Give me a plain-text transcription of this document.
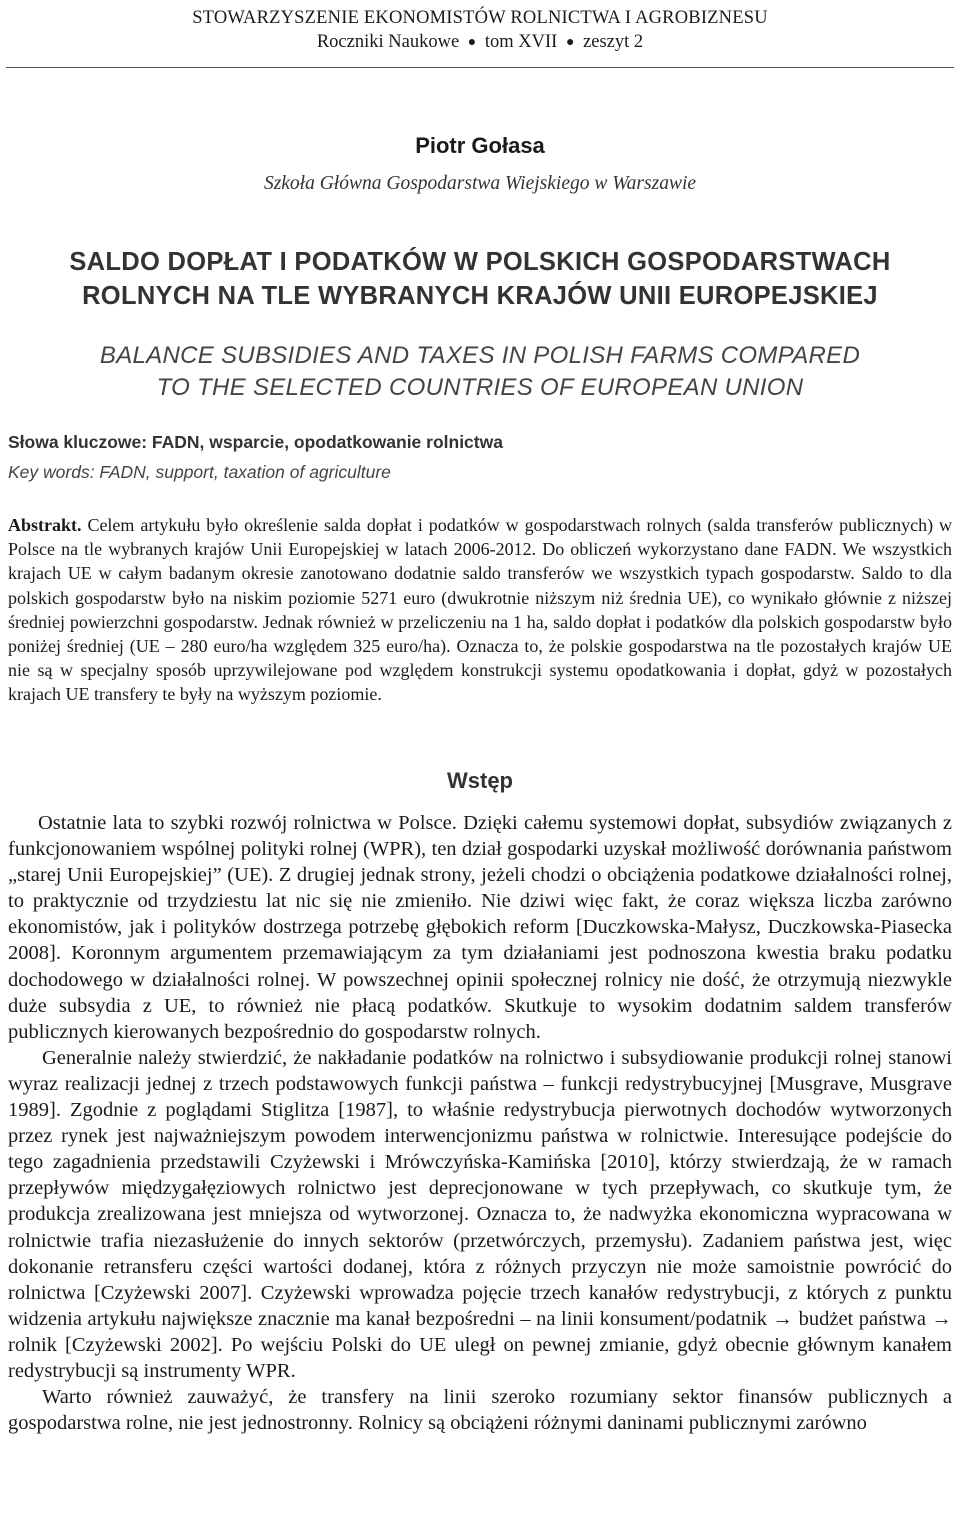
STOWARZYSZENIE EKONOMISTÓW ROLNICTWA I AGROBIZNESU
Roczniki Naukowe ● tom XVII ● zeszyt 2
Piotr Gołasa
Szkoła Główna Gospodarstwa Wiejskiego w Warszawie
SALDO DOPŁAT I PODATKÓW W POLSKICH GOSPODARSTWACH
ROLNYCH NA TLE WYBRANYCH KRAJÓW UNII EUROPEJSKIEJ
BALANCE SUBSIDIES AND TAXES IN POLISH FARMS COMPARED
TO THE SELECTED COUNTRIES OF EUROPEAN UNION
Słowa kluczowe: FADN, wsparcie, opodatkowanie rolnictwa
Key words: FADN, support, taxation of agriculture
Abstrakt. Celem artykułu było określenie salda dopłat i podatków w gospodarstwach rolnych (salda transferów publicznych) w Polsce na tle wybranych krajów Unii Europejskiej w latach 2006-2012. Do obliczeń wykorzystano dane FADN. We wszystkich krajach UE w całym badanym okresie zanotowano dodatnie saldo transferów we wszystkich typach gospodarstw. Saldo to dla polskich gospodarstw było na niskim poziomie 5271 euro (dwukrotnie niższym niż średnia UE), co wynikało głównie z niższej średniej powierzchni gospodarstw. Jednak również w przeliczeniu na 1 ha, saldo dopłat i podatków dla polskich gospodarstw było poniżej średniej (UE – 280 euro/ha względem 325 euro/ha). Oznacza to, że polskie gospodarstwa na tle pozostałych krajów UE nie są w specjalny sposób uprzywilejowane pod względem konstrukcji systemu opodatkowania i dopłat, gdyż w pozostałych krajach UE transfery te były na wyższym poziomie.
Wstęp

Ostatnie lata to szybki rozwój rolnictwa w Polsce. Dzięki całemu systemowi dopłat, subsydiów związanych z funkcjonowaniem wspólnej polityki rolnej (WPR), ten dział gospodarki uzyskał możliwość dorównania państwom „starej Unii Europejskiej” (UE). Z drugiej jednak strony, jeżeli chodzi o obciążenia podatkowe działalności rolnej, to praktycznie od trzydziestu lat nic się nie zmieniło. Nie dziwi więc fakt, że coraz większa liczba zarówno ekonomistów, jak i polityków dostrzega potrzebę głębokich reform [Duczkowska-Małysz, Duczkowska-Piasecka 2008]. Koronnym argumentem przemawiającym za tym działaniami jest podnoszona kwestia braku podatku dochodowego w działalności rolnej. W powszechnej opinii społecznej rolnicy nie dość, że otrzymują niezwykle duże subsydia z UE, to również nie płacą podatków. Skutkuje to wysokim dodatnim saldem transferów publicznych kierowanych bezpośrednio do gospodarstw rolnych.

Generalnie należy stwierdzić, że nakładanie podatków na rolnictwo i subsydiowanie produkcji rolnej stanowi wyraz realizacji jednej z trzech podstawowych funkcji państwa – funkcji redystrybucyjnej [Musgrave, Musgrave 1989]. Zgodnie z poglądami Stiglitza [1987], to właśnie redystrybucja pierwotnych dochodów wytworzonych przez rynek jest najważniejszym powodem interwencjonizmu państwa w rolnictwie. Interesujące podejście do tego zagadnienia przedstawili Czyżewski i Mrówczyńska-Kamińska [2010], którzy stwierdzają, że w ramach przepływów międzygałęziowych rolnictwo jest deprecjonowane w tych przepływach, co skutkuje tym, że produkcja zrealizowana jest mniejsza od wytworzonej. Oznacza to, że nadwyżka ekonomiczna wypracowana w rolnictwie trafia niezasłużenie do innych sektorów (przetwórczych, przemysłu). Zadaniem państwa jest, więc dokonanie retransferu części wartości dodanej, która z różnych przyczyn nie może samoistnie powrócić do rolnictwa [Czyżewski 2007]. Czyżewski wprowadza pojęcie trzech kanałów redystrybucji, z których z punktu widzenia artykułu największe znacznie ma kanał bezpośredni – na linii konsument/podatnik → budżet państwa → rolnik [Czyżewski 2002]. Po wejściu Polski do UE uległ on pewnej zmianie, gdyż obecnie głównym kanałem redystrybucji są instrumenty WPR.

Warto również zauważyć, że transfery na linii szeroko rozumiany sektor finansów publicznych a gospodarstwa rolne, nie jest jednostronny. Rolnicy są obciążeni różnymi daninami publicznymi zarówno
